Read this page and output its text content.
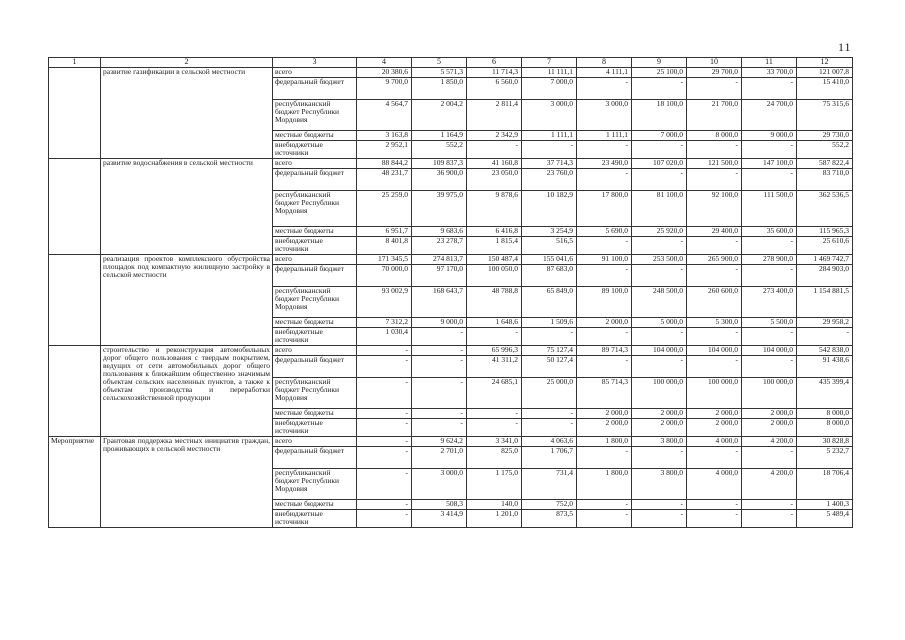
11
1	2	3	4	5	6	7	8	9	10	11	12
	развитие газификации в сельской местности	всего	20 380,6	5 571,3	11 714,3	11 111,1	4 111,1	25 100,0	29 700,0	33 700,0	121 007,8
		федеральный бюджет	9 700,0	1 850,0	6 560,0	7 000,0	-	-	-	-	15 410,0
		республиканский бюджет Республики Мордовия	4 564,7	2 004,2	2 811,4	3 000,0	3 000,0	18 100,0	21 700,0	24 700,0	75 315,6
		местные бюджеты	3 163,8	1 164,9	2 342,9	1 111,1	1 111,1	7 000,0	8 000,0	9 000,0	29 730,0
		внебюджетные источники	2 952,1	552,2	-	-	-	-	-	-	552,2
	развитие водоснабжения в сельской местности	всего	88 844,2	109 837,3	41 160,8	37 714,3	23 490,0	107 020,0	121 500,0	147 100,0	587 822,4
		федеральный бюджет	48 231,7	36 900,0	23 050,0	23 760,0	-	-	-	-	83 710,0
		республиканский бюджет Республики Мордовия	25 259,0	39 975,0	9 878,6	10 182,9	17 800,0	81 100,0	92 100,0	111 500,0	362 536,5
		местные бюджеты	6 951,7	9 683,6	6 416,8	3 254,9	5 690,0	25 920,0	29 400,0	35 600,0	115 965,3
		внебюджетные источники	8 401,8	23 278,7	1 815,4	516,5	-	-	-	-	25 610,6
	реализация проектов комплексного обустройства площадок под компактную жилищную застройку в сельской местности	всего	171 345,5	274 813,7	150 487,4	155 041,6	91 100,0	253 500,0	265 900,0	278 900,0	1 469 742,7
		федеральный бюджет	70 000,0	97 170,0	100 050,0	87 683,0	-	-	-	-	284 903,0
		республиканский бюджет Республики Мордовия	93 002,9	168 643,7	48 788,8	65 849,0	89 100,0	248 500,0	260 600,0	273 400,0	1 154 881,5
		местные бюджеты	7 312,2	9 000,0	1 648,6	1 509,6	2 000,0	5 000,0	5 300,0	5 500,0	29 958,2
		внебюджетные источники	1 030,4	-	-	-	-	-	-	-	-
	строительство и реконструкция автомобильных дорог общего пользования с твердым покрытием, ведущих от сети автомобильных дорог общего пользования к ближайшим общественно значимым объектам сельских населенных пунктов, а также к объектам производства и переработки сельскохозяйственной продукции	всего	-	-	65 996,3	75 127,4	89 714,3	104 000,0	104 000,0	104 000,0	542 838,0
		федеральный бюджет	-	-	41 311,2	50 127,4	-	-	-	-	91 438,6
		республиканский бюджет Республики Мордовия	-	-	24 685,1	25 000,0	85 714,3	100 000,0	100 000,0	100 000,0	435 399,4
		местные бюджеты	-	-	-	-	2 000,0	2 000,0	2 000,0	2 000,0	8 000,0
		внебюджетные источники	-	-	-	-	2 000,0	2 000,0	2 000,0	2 000,0	8 000,0
Мероприятие	Грантовая поддержка местных инициатив граждан, проживающих в сельской местности	всего	-	9 624,2	3 341,0	4 063,6	1 800,0	3 800,0	4 000,0	4 200,0	30 828,8
		федеральный бюджет	-	2 701,0	825,0	1 706,7	-	-	-	-	5 232,7
		республиканский бюджет Республики Мордовия	-	3 000,0	1 175,0	731,4	1 800,0	3 800,0	4 000,0	4 200,0	18 706,4
		местные бюджеты	-	508,3	140,0	752,0	-	-	-	-	1 400,3
		внебюджетные источники	-	3 414,9	1 201,0	873,5	-	-	-	-	5 489,4
